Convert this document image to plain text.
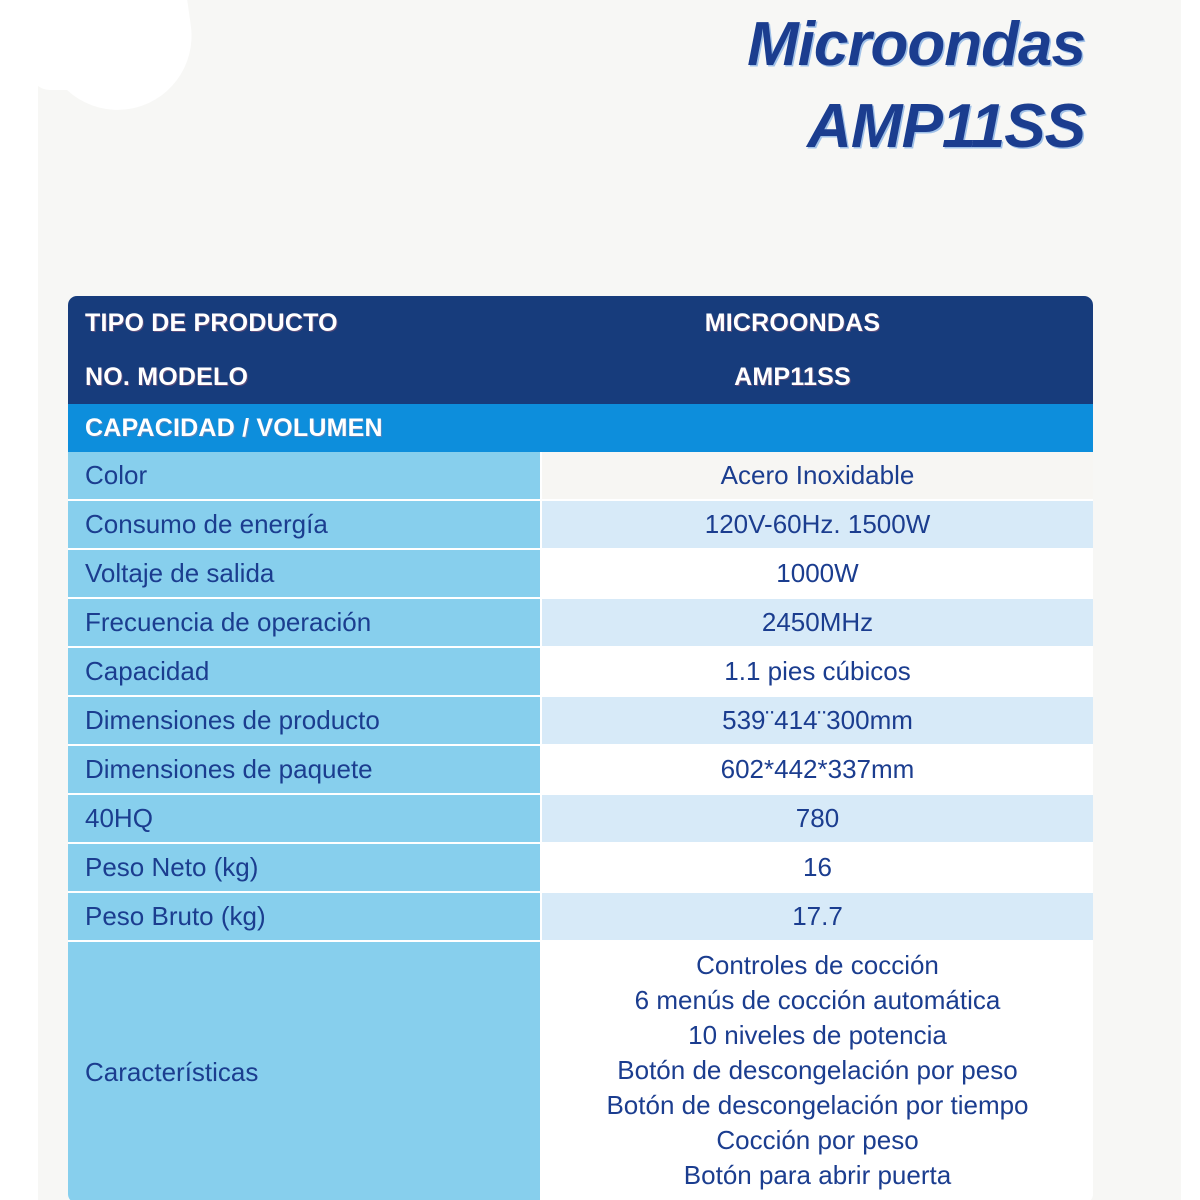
Microondas
AMP11SS
TIPO DE PRODUCTO	MICROONDAS
NO. MODELO	AMP11SS
CAPACIDAD / VOLUMEN
Color	Acero Inoxidable
Consumo de energía	120V-60Hz. 1500W
Voltaje de salida	1000W
Frecuencia de operación	2450MHz
Capacidad	1.1 pies cúbicos
Dimensiones de producto	539¨414¨300mm
Dimensiones de paquete	602*442*337mm
40HQ	780
Peso Neto (kg)	16
Peso Bruto (kg)	17.7
Características
Controles de cocción
6 menús de cocción automática
10 niveles de potencia
Botón de descongelación por peso
Botón de descongelación por tiempo
Cocción por peso
Botón para abrir puerta
